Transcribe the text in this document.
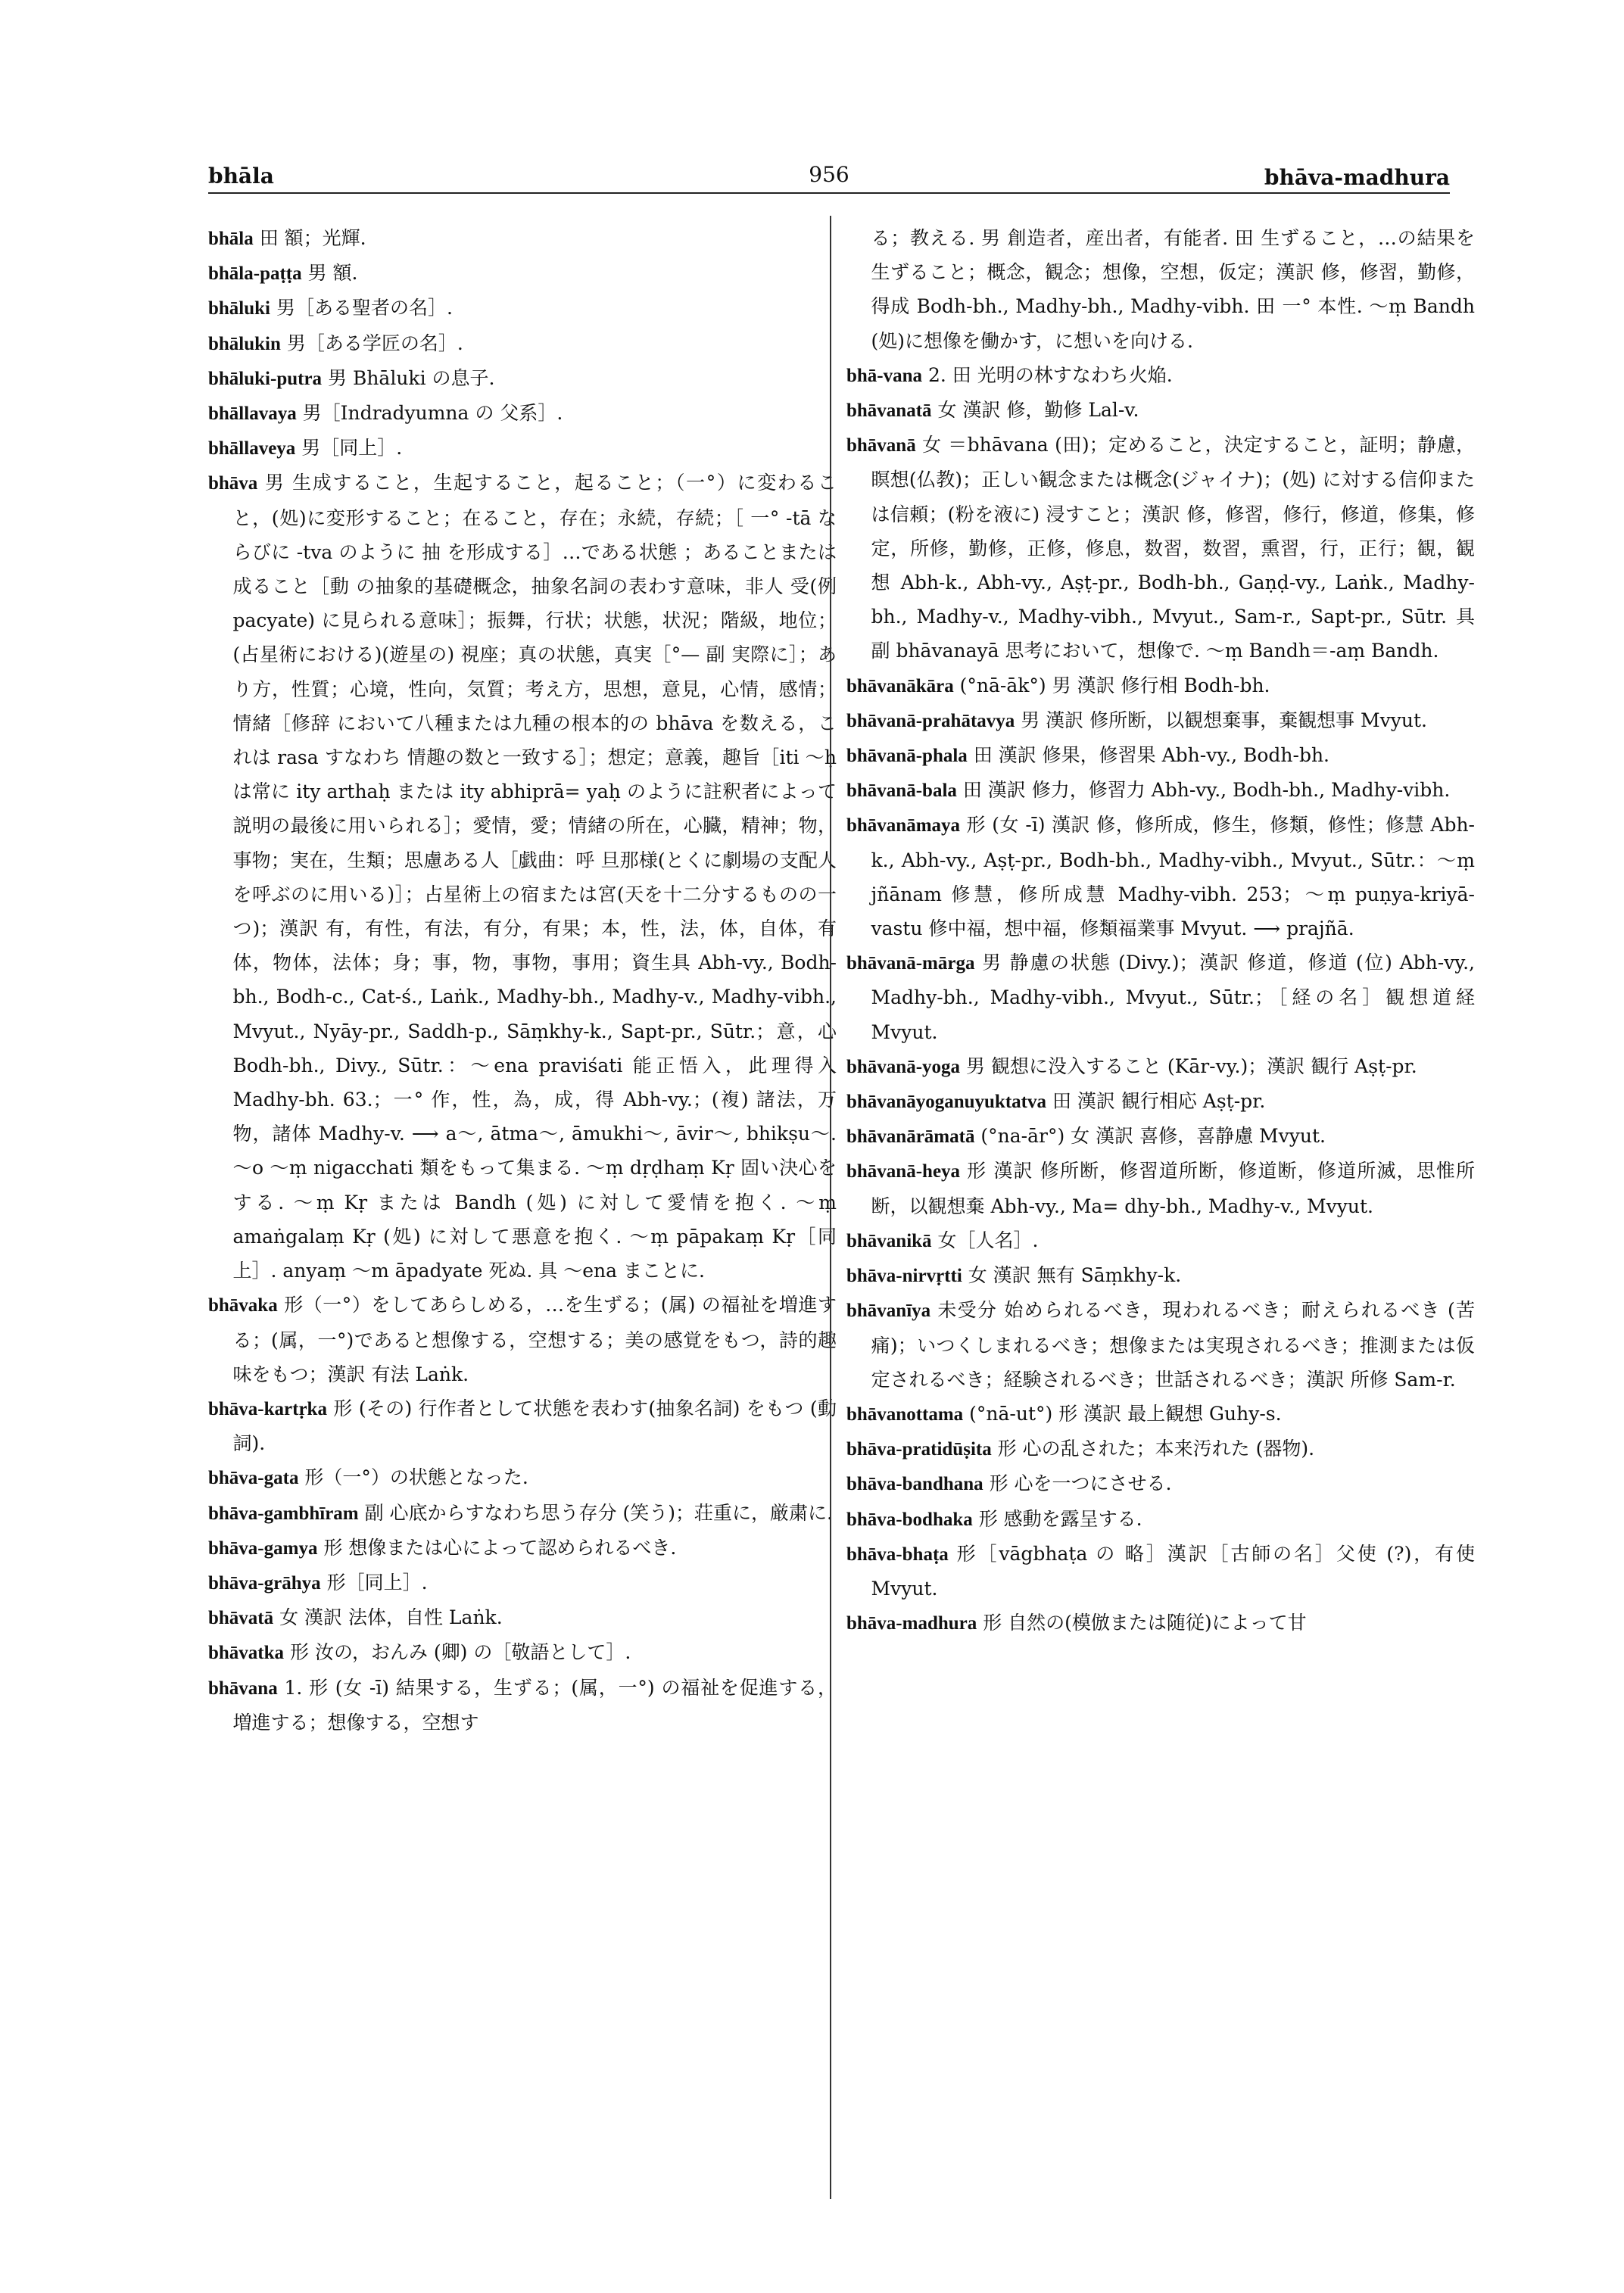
bhāla	956	bhāva-madhura

bhāla 田 額；光輝.

bhāla-paṭṭa 男 額.

bhāluki 男［ある聖者の名］.

bhālukin 男［ある学匠の名］.

bhāluki-putra 男 Bhāluki の息子.

bhāllavaya 男［Indradyumna の 父系］.

bhāllaveya 男［同上］.

bhāva 男 生成すること，生起すること，起ること；（一°）に変わること，(処)に変形すること；在ること，存在；永続，存続；［ 一° -tā ならびに -tva のように 抽 を形成する］…である状態 ；あることまたは成ること［動 の抽象的基礎概念，抽象名詞の表わす意味，非人 受(例 pacyate) に見られる意味］；振舞，行状；状態，状況；階級，地位；(占星術における)(遊星の) 視座；真の状態，真実［°— 副 実際に］；あり方，性質；心境，性向，気質；考え方，思想，意見，心情，感情；情緒［修辞 において八種または九種の根本的の bhāva を数える，これは rasa すなわち 情趣の数と一致する］；想定；意義，趣旨［iti ～ḥ は常に ity arthaḥ または ity abhiprā= yaḥ のように註釈者によって説明の最後に用いられる］；愛情，愛；情緒の所在，心臓，精神；物，事物；実在，生類；思慮ある人［戯曲：呼 旦那様(とくに劇場の支配人を呼ぶのに用いる)］；占星術上の宿または宮(天を十二分するものの一つ)；漢訳 有，有性，有法，有分，有果；本，性，法，体，自体，有体，物体，法体；身；事，物，事物，事用；資生具 Abh-vy., Bodh-bh., Bodh-c., Cat-ś., Laṅk., Madhy-bh., Madhy-v., Madhy-vibh., Mvyut., Nyāy-pr., Saddh-p., Sāṃkhy-k., Sapt-pr., Sūtr.；意，心 Bodh-bh., Divy., Sūtr.：～ena praviśati 能正悟入，此理得入 Madhy-bh. 63.；一° 作，性，為，成，得 Abh-vy.；(複) 諸法，万物，諸体 Madhy-v. ⟶ a～, ātma～, āmukhi～, āvir～, bhikṣu～. ～o ～ṃ nigacchati 類をもって集まる. ～ṃ dṛḍhaṃ Kṛ 固い決心をする. ～ṃ Kṛ または Bandh (処) に対して愛情を抱く. ～ṃ amaṅgalaṃ Kṛ (処) に対して悪意を抱く. ～ṃ pāpakaṃ Kṛ［同上］. anyaṃ ～m āpadyate 死ぬ. 具 ～ena まことに.

bhāvaka 形（一°）をしてあらしめる，…を生ずる；(属) の福祉を増進する；(属，一°)であると想像する，空想する；美の感覚をもつ，詩的趣味をもつ；漢訳 有法 Laṅk.

bhāva-kartṛka 形 (その) 行作者として状態を表わす(抽象名詞) をもつ (動詞).

bhāva-gata 形（一°）の状態となった.

bhāva-gambhīram 副 心底からすなわち思う存分 (笑う)；荘重に，厳粛に.

bhāva-gamya 形 想像または心によって認められるべき.

bhāva-grāhya 形［同上］.

bhāvatā 女 漢訳 法体，自性 Laṅk.

bhāvatka 形 汝の，おんみ (卿) の［敬語として］.

bhāvana 1. 形 (女 -ī) 結果する，生ずる；(属，一°) の福祉を促進する，増進する；想像する，空想す

る；教える. 男 創造者，産出者，有能者. 田 生ずること，…の結果を生ずること；概念，観念；想像，空想，仮定；漢訳 修，修習，勤修，得成 Bodh-bh., Madhy-bh., Madhy-vibh. 田 一° 本性. ～ṃ Bandh (処)に想像を働かす，に想いを向ける.

bhā-vana 2. 田 光明の林すなわち火焔.

bhāvanatā 女 漢訳 修，勤修 Lal-v.

bhāvanā 女 ＝bhāvana (田)；定めること，決定すること，証明；静慮，瞑想(仏教)；正しい観念または概念(ジャイナ)；(処) に対する信仰または信頼；(粉を液に) 浸すこと；漢訳 修，修習，修行，修道，修集，修定，所修，勤修，正修，修息，数習，数習，熏習，行，正行；観，観想 Abh-k., Abh-vy., Aṣṭ-pr., Bodh-bh., Gaṇḍ-vy., Laṅk., Madhy-bh., Madhy-v., Madhy-vibh., Mvyut., Sam-r., Sapt-pr., Sūtr. 具 副 bhāvanayā 思考において，想像で. ～ṃ Bandh＝-aṃ Bandh.

bhāvanākāra (°nā-āk°) 男 漢訳 修行相 Bodh-bh.

bhāvanā-prahātavya 男 漢訳 修所断，以観想棄事，棄観想事 Mvyut.

bhāvanā-phala 田 漢訳 修果，修習果 Abh-vy., Bodh-bh.

bhāvanā-bala 田 漢訳 修力，修習力 Abh-vy., Bodh-bh., Madhy-vibh.

bhāvanāmaya 形 (女 -ī) 漢訳 修，修所成，修生，修類，修性；修慧 Abh-k., Abh-vy., Aṣṭ-pr., Bodh-bh., Madhy-vibh., Mvyut., Sūtr.：～ṃ jñānam 修慧，修所成慧 Madhy-vibh. 253；～ṃ puṇya-kriyā-vastu 修中福，想中福，修類福業事 Mvyut. ⟶ prajñā.

bhāvanā-mārga 男 静慮の状態 (Divy.)；漢訳 修道，修道 (位) Abh-vy., Madhy-bh., Madhy-vibh., Mvyut., Sūtr.；［経の名］観想道経 Mvyut.

bhāvanā-yoga 男 観想に没入すること (Kār-vy.)；漢訳 観行 Aṣṭ-pr.

bhāvanāyoganuyuktatva 田 漢訳 観行相応 Aṣṭ-pr.

bhāvanārāmatā (°na-ār°) 女 漢訳 喜修，喜静慮 Mvyut.

bhāvanā-heya 形 漢訳 修所断，修習道所断，修道断，修道所滅，思惟所断，以観想棄 Abh-vy., Ma= dhy-bh., Madhy-v., Mvyut.

bhāvanikā 女［人名］.

bhāva-nirvṛtti 女 漢訳 無有 Sāṃkhy-k.

bhāvanīya 未受分 始められるべき，現われるべき；耐えられるべき (苦痛)；いつくしまれるべき；想像または実現されるべき；推測または仮定されるべき；経験されるべき；世話されるべき；漢訳 所修 Sam-r.

bhāvanottama (°nā-ut°) 形 漢訳 最上観想 Guhy-s.

bhāva-pratidūṣita 形 心の乱された；本来汚れた (器物).

bhāva-bandhana 形 心を一つにさせる.

bhāva-bodhaka 形 感動を露呈する.

bhāva-bhaṭa 形［vāgbhaṭa の 略］漢訳［古師の名］父使 (?)，有使 Mvyut.

bhāva-madhura 形 自然の(模倣または随従)によって甘
